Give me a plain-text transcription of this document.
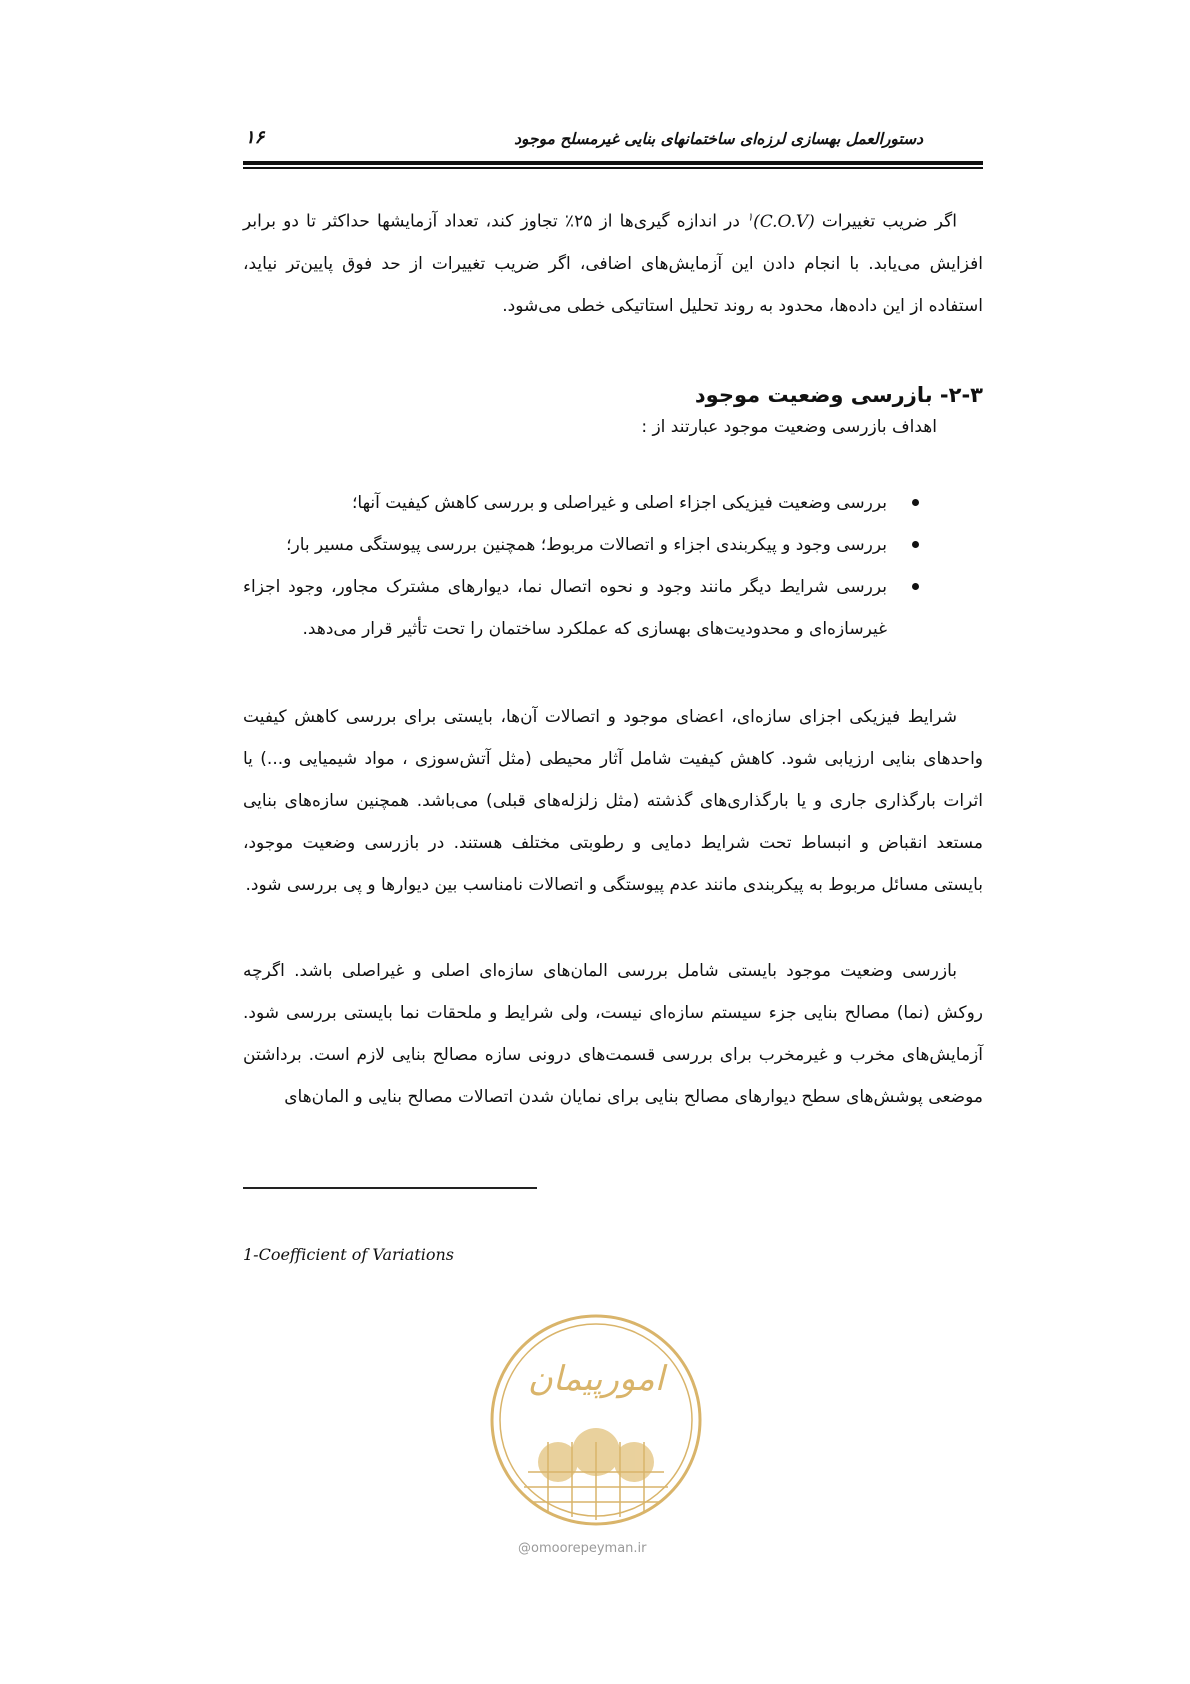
۱۶	دستورالعمل بهسازی لرزه‌ای ساختمانهای بنایی غیرمسلح موجود

اگر ضریب تغییرات $^۱$(C.O.V) در اندازه گیری‌ها از ۲۵٪ تجاوز کند، تعداد آزمایشها حداکثر تا دو برابر افزایش می‌یابد. با انجام دادن این آزمایش‌های اضافی، اگر ضریب تغییرات از حد فوق پایین‌تر نیاید، استفاده از این داده‌ها، محدود به روند تحلیل استاتیکی خطی می‌شود.

۲-۳- بازرسی وضعیت موجود

اهداف بازرسی وضعیت موجود عبارتند از :

بررسی وضعیت فیزیکی اجزاء اصلی و غیراصلی و بررسی کاهش کیفیت آنها؛
بررسی وجود و پیکربندی اجزاء و اتصالات مربوط؛ همچنین بررسی پیوستگی مسیر بار؛
بررسی شرایط دیگر مانند وجود و نحوه اتصال نما، دیوارهای مشترک مجاور، وجود اجزاء غیرسازه‌ای و محدودیت‌های بهسازی که عملکرد ساختمان را تحت تأثیر قرار می‌دهد.

شرایط فیزیکی اجزای سازه‌ای، اعضای موجود و اتصالات آن‌ها، بایستی برای بررسی کاهش کیفیت واحدهای بنایی ارزیابی شود. کاهش کیفیت شامل آثار محیطی (مثل آتش‌سوزی ، مواد شیمیایی و...) یا اثرات بارگذاری جاری و یا بارگذاری‌های گذشته (مثل زلزله‌های قبلی) می‌باشد. همچنین سازه‌های بنایی مستعد انقباض و انبساط تحت شرایط دمایی و رطوبتی مختلف هستند. در بازرسی وضعیت موجود، بایستی مسائل مربوط به پیکربندی مانند عدم پیوستگی و اتصالات نامناسب بین دیوارها و پی بررسی شود.

بازرسی وضعیت موجود بایستی شامل بررسی المان‌های سازه‌ای اصلی و غیراصلی باشد. اگرچه روکش (نما) مصالح بنایی جزء سیستم سازه‌ای نیست، ولی شرایط و ملحقات نما بایستی بررسی شود. آزمایش‌های مخرب و غیرمخرب برای بررسی قسمت‌های درونی سازه مصالح بنایی لازم است. برداشتن موضعی پوشش‌های سطح دیوارهای مصالح بنایی برای نمایان شدن اتصالات مصالح بنایی و المان‌های

1-Coefficient of Variations
امورپیمان
@omoorepeyman.ir
